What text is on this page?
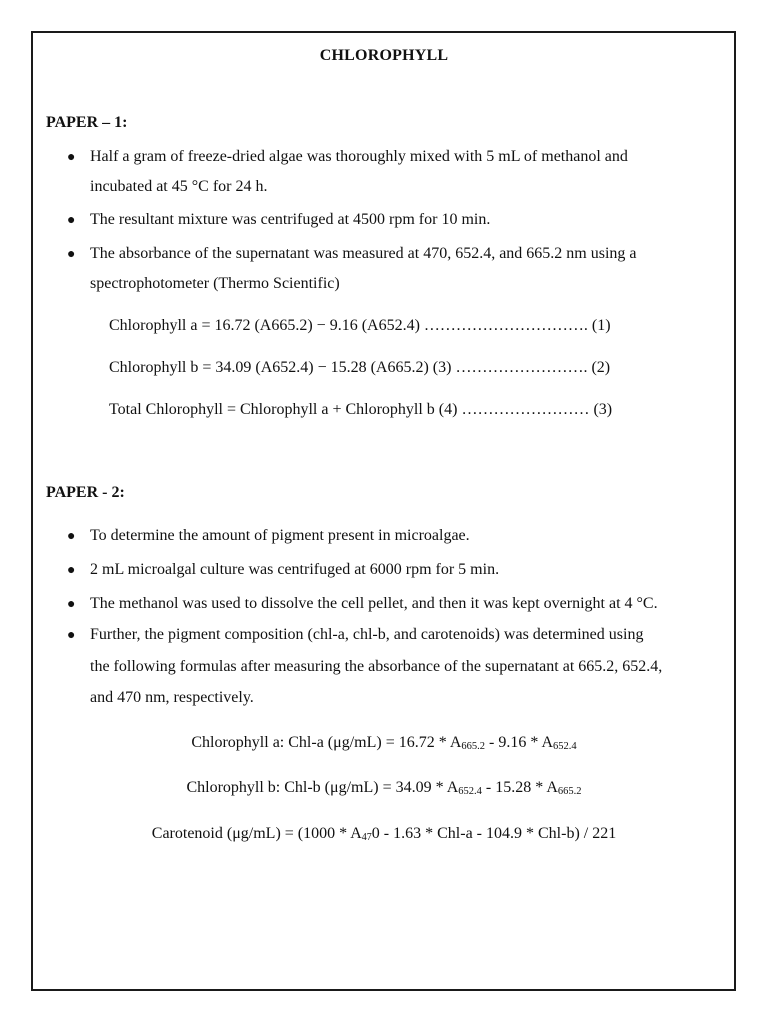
CHLOROPHYLL
PAPER – 1:
● Half a gram of freeze-dried algae was thoroughly mixed with 5 mL of methanol and
incubated at 45 °C for 24 h.
● The resultant mixture was centrifuged at 4500 rpm for 10 min.
● The absorbance of the supernatant was measured at 470, 652.4, and 665.2 nm using a
spectrophotometer (Thermo Scientific)
Chlorophyll a = 16.72 (A665.2) − 9.16 (A652.4) …………………………. (1)
Chlorophyll b = 34.09 (A652.4) − 15.28 (A665.2) (3) ……………………. (2)
Total Chlorophyll = Chlorophyll a + Chlorophyll b (4) …………………… (3)
PAPER - 2:
● To determine the amount of pigment present in microalgae.
● 2 mL microalgal culture was centrifuged at 6000 rpm for 5 min.
● The methanol was used to dissolve the cell pellet, and then it was kept overnight at 4 °C.
● Further, the pigment composition (chl-a, chl-b, and carotenoids) was determined using
the following formulas after measuring the absorbance of the supernatant at 665.2, 652.4,
and 470 nm, respectively.
Chlorophyll a: Chl-a (μg/mL) = 16.72 * A665.2 - 9.16 * A652.4
Chlorophyll b: Chl-b (μg/mL) = 34.09 * A652.4 - 15.28 * A665.2
Carotenoid (μg/mL) = (1000 * A470 - 1.63 * Chl-a - 104.9 * Chl-b) / 221
